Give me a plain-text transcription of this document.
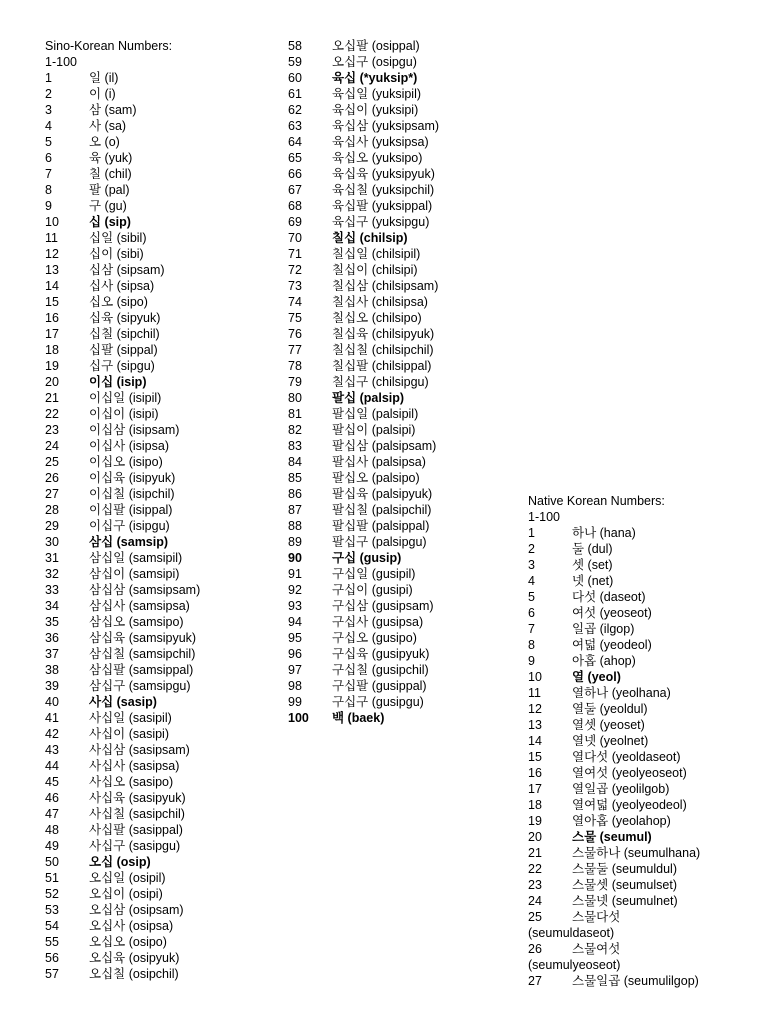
Sino-Korean Numbers:
1-100
1	일 (il)
2	이 (i)
3	삼 (sam)
4	사 (sa)
5	오 (o)
6	육 (yuk)
7	칠 (chil)
8	팔 (pal)
9	구 (gu)
10 십 (sip)
11 십일 (sibil)
12 십이 (sibi)
13 십삼 (sipsam)
14 십사 (sipsa)
15 십오 (sipo)
16 십육 (sipyuk)
17 십칠 (sipchil)
18 십팔 (sippal)
19 십구 (sipgu)
20 이십 (isip)
21 이십일 (isipil)
22 이십이 (isipi)
23 이십삼 (isipsam)
24 이십사 (isipsa)
25 이십오 (isipo)
26 이십육 (isipyuk)
27 이십칠 (isipchil)
28 이십팔 (isippal)
29 이십구 (isipgu)
30 삼십 (samsip)
31 삼십일 (samsipil)
32 삼십이 (samsipi)
33 삼십삼 (samsipsam)
34 삼십사 (samsipsa)
35 삼십오 (samsipo)
36 삼십육 (samsipyuk)
37 삼십칠 (samsipchil)
38 삼십팔 (samsippal)
39 삼십구 (samsipgu)
40 사십 (sasip)
41 사십일 (sasipil)
42 사십이 (sasipi)
43 사십삼 (sasipsam)
44 사십사 (sasipsa)
45 사십오 (sasipo)
46 사십육 (sasipyuk)
47 사십칠 (sasipchil)
48 사십팔 (sasippal)
49 사십구 (sasipgu)
50 오십 (osip)
51 오십일 (osipil)
52 오십이 (osipi)
53 오십삼 (osipsam)
54 오십사 (osipsa)
55 오십오 (osipo)
56 오십육 (osipyuk)
57 오십칠 (osipchil)
58 오십팔 (osippal)
59 오십구 (osipgu)
60 육십 (*yuksip*)
61 육십일 (yuksipil)
62 육십이 (yuksipi)
63 육십삼 (yuksipsam)
64 육십사 (yuksipsa)
65 육십오 (yuksipo)
66 육십육 (yuksipyuk)
67 육십칠 (yuksipchil)
68 육십팔 (yuksippal)
69 육십구 (yuksipgu)
70 칠십 (chilsip)
71 칠십일 (chilsipil)
72 칠십이 (chilsipi)
73 칠십삼 (chilsipsam)
74 칠십사 (chilsipsa)
75 칠십오 (chilsipo)
76 칠십육 (chilsipyuk)
77 칠십칠 (chilsipchil)
78 칠십팔 (chilsippal)
79 칠십구 (chilsipgu)
80 팔십 (palsip)
81 팔십일 (palsipil)
82 팔십이 (palsipi)
83 팔십삼 (palsipsam)
84 팔십사 (palsipsa)
85 팔십오 (palsipo)
86 팔십육 (palsipyuk)
87 팔십칠 (palsipchil)
88 팔십팔 (palsippal)
89 팔십구 (palsipgu)
90 구십 (gusip)
91 구십일 (gusipil)
92 구십이 (gusipi)
93 구십삼 (gusipsam)
94 구십사 (gusipsa)
95 구십오 (gusipo)
96 구십육 (gusipyuk)
97 구십칠 (gusipchil)
98 구십팔 (gusippal)
99 구십구 (gusipgu)
100 백 (baek)
Native Korean Numbers:
1-100
1	하나 (hana)
2	둘 (dul)
3	셋 (set)
4	넷 (net)
5	다섯 (daseot)
6	여섯 (yeoseot)
7	일곱 (ilgop)
8	여덟 (yeodeol)
9	아홉 (ahop)
10 열 (yeol)
11 열하나 (yeolhana)
12 열둘 (yeoldul)
13 열셋 (yeoset)
14 열넷 (yeolnet)
15 열다섯 (yeoldaseot)
16 열여섯 (yeolyeoseot)
17 열일곱 (yeolilgob)
18 열여덟 (yeolyeodeol)
19 열아홉 (yeolahop)
20 스물 (seumul)
21 스물하나 (seumulhana)
22 스물둘 (seumuldul)
23 스물셋 (seumulset)
24 스물넷 (seumulnet)
25 스물다섯
(seumuldaseot)
26 스물여섯
(seumulyeoseot)
27 스물일곱 (seumulilgop)
